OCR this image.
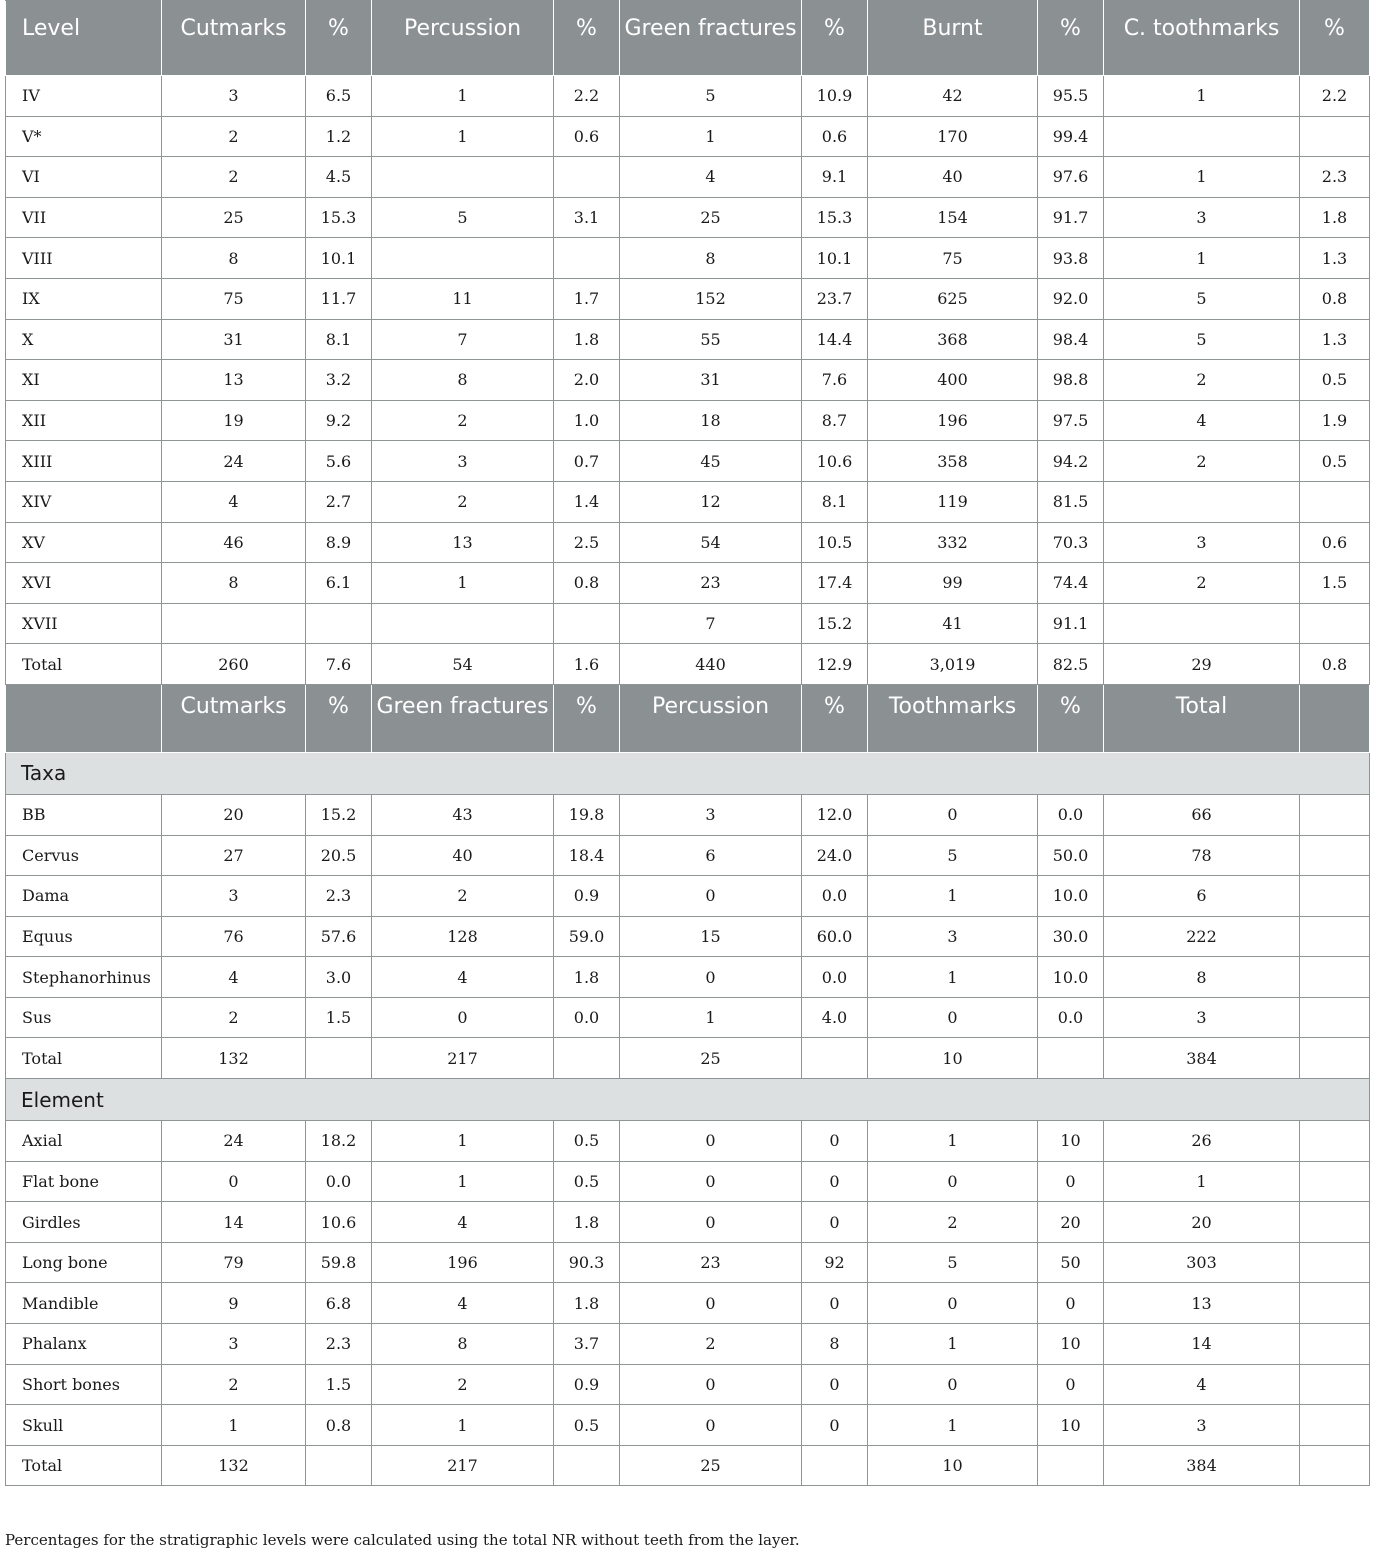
Level	Cutmarks	%	Percussion	%	Green fractures	%	Burnt	%	C. toothmarks	%
IV	3	6.5	1	2.2	5	10.9	42	95.5	1	2.2
V*	2	1.2	1	0.6	1	0.6	170	99.4		
VI	2	4.5			4	9.1	40	97.6	1	2.3
VII	25	15.3	5	3.1	25	15.3	154	91.7	3	1.8
VIII	8	10.1			8	10.1	75	93.8	1	1.3
IX	75	11.7	11	1.7	152	23.7	625	92.0	5	0.8
X	31	8.1	7	1.8	55	14.4	368	98.4	5	1.3
XI	13	3.2	8	2.0	31	7.6	400	98.8	2	0.5
XII	19	9.2	2	1.0	18	8.7	196	97.5	4	1.9
XIII	24	5.6	3	0.7	45	10.6	358	94.2	2	0.5
XIV	4	2.7	2	1.4	12	8.1	119	81.5		
XV	46	8.9	13	2.5	54	10.5	332	70.3	3	0.6
XVI	8	6.1	1	0.8	23	17.4	99	74.4	2	1.5
XVII					7	15.2	41	91.1		
Total	260	7.6	54	1.6	440	12.9	3,019	82.5	29	0.8
	Cutmarks	%	Green fractures	%	Percussion	%	Toothmarks	%	Total	
Taxa										
BB	20	15.2	43	19.8	3	12.0	0	0.0	66	
Cervus	27	20.5	40	18.4	6	24.0	5	50.0	78	
Dama	3	2.3	2	0.9	0	0.0	1	10.0	6	
Equus	76	57.6	128	59.0	15	60.0	3	30.0	222	
Stephanorhinus	4	3.0	4	1.8	0	0.0	1	10.0	8	
Sus	2	1.5	0	0.0	1	4.0	0	0.0	3	
Total	132		217		25		10		384	
Element										
Axial	24	18.2	1	0.5	0	0	1	10	26	
Flat bone	0	0.0	1	0.5	0	0	0	0	1	
Girdles	14	10.6	4	1.8	0	0	2	20	20	
Long bone	79	59.8	196	90.3	23	92	5	50	303	
Mandible	9	6.8	4	1.8	0	0	0	0	13	
Phalanx	3	2.3	8	3.7	2	8	1	10	14	
Short bones	2	1.5	2	0.9	0	0	0	0	4	
Skull	1	0.8	1	0.5	0	0	1	10	3	
Total	132		217		25		10		384	
Percentages for the stratigraphic levels were calculated using the total NR without teeth from the layer.
